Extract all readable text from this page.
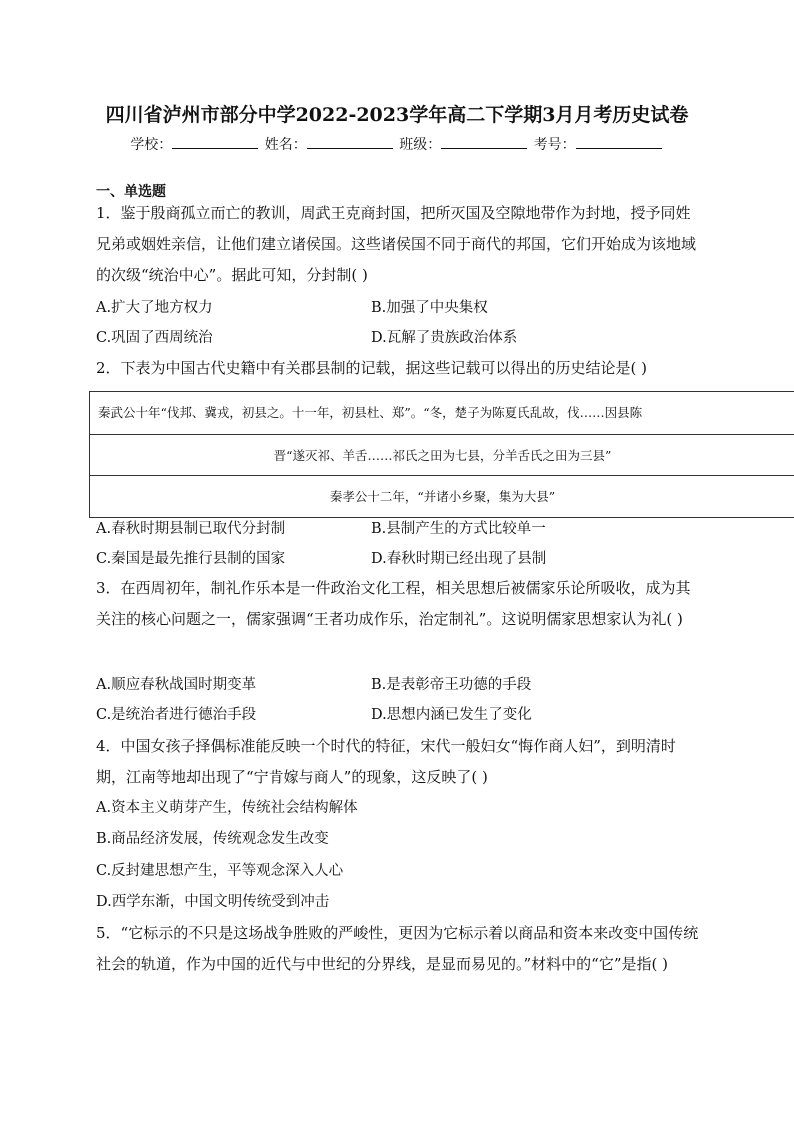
四川省泸州市部分中学2022-2023学年高二下学期3月月考历史试卷
学校：	姓名：	班级：	考号：
一、单选题
1．鉴于殷商孤立而亡的教训，周武王克商封国，把所灭国及空隙地带作为封地，授予同姓兄弟或姻姓亲信，让他们建立诸侯国。这些诸侯国不同于商代的邦国，它们开始成为该地域的次级“统治中心”。据此可知，分封制( )
A.扩大了地方权力	B.加强了中央集权
C.巩固了西周统治	D.瓦解了贵族政治体系
2．下表为中国古代史籍中有关郡县制的记载，据这些记载可以得出的历史结论是( )
秦武公十年“伐邦、冀戎，初县之。十一年，初县杜、郑”。“冬，楚子为陈夏氏乱故，伐……因县陈
晋“遂灭祁、羊舌……祁氏之田为七县，分羊舌氏之田为三县”
秦孝公十二年，“并诸小乡聚，集为大县”
A.春秋时期县制已取代分封制	B.县制产生的方式比较单一
C.秦国是最先推行县制的国家	D.春秋时期已经出现了县制
3．在西周初年，制礼作乐本是一件政治文化工程，相关思想后被儒家乐论所吸收，成为其关注的核心问题之一，儒家强调“王者功成作乐，治定制礼”。这说明儒家思想家认为礼( )
A.顺应春秋战国时期变革	B.是表彰帝王功德的手段
C.是统治者进行德治手段	D.思想内涵已发生了变化
4．中国女孩子择偶标准能反映一个时代的特征，宋代一般妇女“悔作商人妇”，到明清时期，江南等地却出现了“宁肯嫁与商人”的现象，这反映了( )
A.资本主义萌芽产生，传统社会结构解体
B.商品经济发展，传统观念发生改变
C.反封建思想产生，平等观念深入人心
D.西学东渐，中国文明传统受到冲击
5．“它标示的不只是这场战争胜败的严峻性，更因为它标示着以商品和资本来改变中国传统社会的轨道，作为中国的近代与中世纪的分界线，是显而易见的。”材料中的“它”是指( )
